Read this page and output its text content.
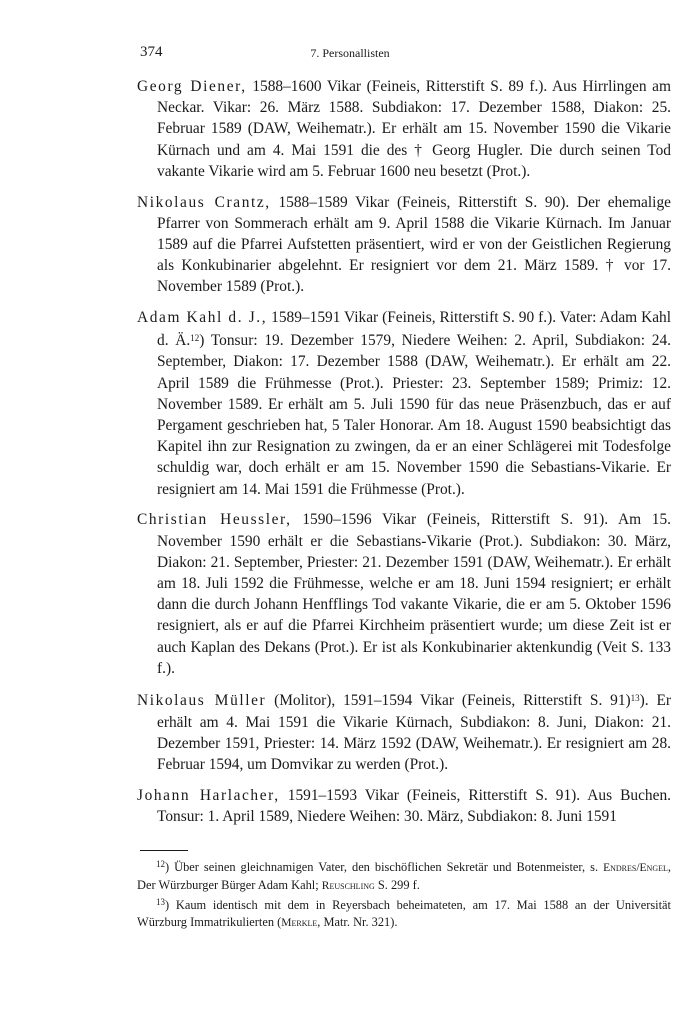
374	7. Personallisten

Georg Diener, 1588–1600 Vikar (Feineis, Ritterstift S. 89 f.). Aus Hirrlingen am Neckar. Vikar: 26. März 1588. Subdiakon: 17. Dezember 1588, Diakon: 25. Februar 1589 (DAW, Weihematr.). Er erhält am 15. November 1590 die Vikarie Kürnach und am 4. Mai 1591 die des † Georg Hugler. Die durch seinen Tod vakante Vikarie wird am 5. Februar 1600 neu besetzt (Prot.).

Nikolaus Crantz, 1588–1589 Vikar (Feineis, Ritterstift S. 90). Der ehemalige Pfarrer von Sommerach erhält am 9. April 1588 die Vikarie Kürnach. Im Januar 1589 auf die Pfarrei Aufstetten präsentiert, wird er von der Geistlichen Regierung als Konkubinarier abgelehnt. Er resigniert vor dem 21. März 1589. † vor 17. November 1589 (Prot.).

Adam Kahl d. J., 1589–1591 Vikar (Feineis, Ritterstift S. 90 f.). Vater: Adam Kahl d. Ä.$^{12}$) Tonsur: 19. Dezember 1579, Niedere Weihen: 2. April, Subdiakon: 24. September, Diakon: 17. Dezember 1588 (DAW, Weihematr.). Er erhält am 22. April 1589 die Frühmesse (Prot.). Priester: 23. September 1589; Primiz: 12. November 1589. Er erhält am 5. Juli 1590 für das neue Präsenzbuch, das er auf Pergament geschrieben hat, 5 Taler Honorar. Am 18. August 1590 beabsichtigt das Kapitel ihn zur Resignation zu zwingen, da er an einer Schlägerei mit Todesfolge schuldig war, doch erhält er am 15. November 1590 die Sebastians-Vikarie. Er resigniert am 14. Mai 1591 die Frühmesse (Prot.).

Christian Heussler, 1590–1596 Vikar (Feineis, Ritterstift S. 91). Am 15. November 1590 erhält er die Sebastians-Vikarie (Prot.). Subdiakon: 30. März, Diakon: 21. September, Priester: 21. Dezember 1591 (DAW, Weihematr.). Er erhält am 18. Juli 1592 die Frühmesse, welche er am 18. Juni 1594 resigniert; er erhält dann die durch Johann Henfflings Tod vakante Vikarie, die er am 5. Oktober 1596 resigniert, als er auf die Pfarrei Kirchheim präsentiert wurde; um diese Zeit ist er auch Kaplan des Dekans (Prot.). Er ist als Konkubinarier aktenkundig (Veit S. 133 f.).

Nikolaus Müller (Molitor), 1591–1594 Vikar (Feineis, Ritterstift S. 91)$^{13}$). Er erhält am 4. Mai 1591 die Vikarie Kürnach, Subdiakon: 8. Juni, Diakon: 21. Dezember 1591, Priester: 14. März 1592 (DAW, Weihematr.). Er resigniert am 28. Februar 1594, um Domvikar zu werden (Prot.).

Johann Harlacher, 1591–1593 Vikar (Feineis, Ritterstift S. 91). Aus Buchen. Tonsur: 1. April 1589, Niedere Weihen: 30. März, Subdiakon: 8. Juni 1591

$^{12}$) Über seinen gleichnamigen Vater, den bischöflichen Sekretär und Botenmeister, s. Endres/Engel, Der Würzburger Bürger Adam Kahl; Reuschling S. 299 f.

$^{13}$) Kaum identisch mit dem in Reyersbach beheimateten, am 17. Mai 1588 an der Universität Würzburg Immatrikulierten (Merkle, Matr. Nr. 321).
